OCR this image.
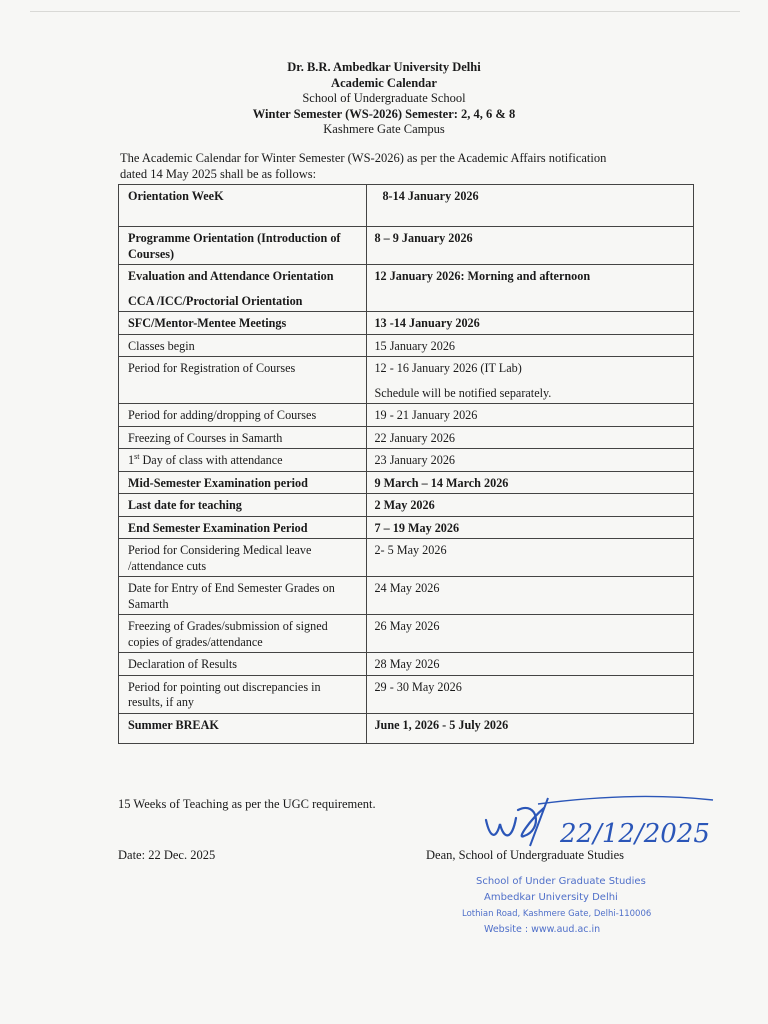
Dr. B.R. Ambedkar University Delhi
Academic Calendar
School of Undergraduate School
Winter Semester (WS-2026) Semester: 2, 4, 6 & 8
Kashmere Gate Campus
The Academic Calendar for Winter Semester (WS-2026) as per the Academic Affairs notification
dated 14 May 2025 shall be as follows:
Orientation WeeK	8-14 January 2026
Programme Orientation (Introduction of Courses)	8 – 9 January 2026
Evaluation and Attendance Orientation
CCA /ICC/Proctorial Orientation	12 January 2026: Morning and afternoon
SFC/Mentor-Mentee Meetings	13 -14 January 2026
Classes begin	15 January 2026
Period for Registration of Courses	12 - 16 January 2026 (IT Lab)
Schedule will be notified separately.

Period for adding/dropping of Courses	19 - 21 January 2026
Freezing of Courses in Samarth	22 January 2026
1st Day of class with attendance	23 January 2026
Mid-Semester Examination period	9 March – 14 March 2026
Last date for teaching	2 May 2026
End Semester Examination Period	7 – 19 May 2026
Period for Considering Medical leave /attendance cuts	2- 5 May 2026
Date for Entry of End Semester Grades on Samarth	24 May 2026
Freezing of Grades/submission of signed copies of grades/attendance	26 May 2026
Declaration of Results	28 May 2026
Period for pointing out discrepancies in results, if any	29 - 30 May 2026
Summer BREAK	June 1, 2026 - 5 July 2026
15 Weeks of Teaching as per the UGC requirement.
Date: 22 Dec. 2025	Dean, School of Undergraduate Studies
22/12/2025
School of Under Graduate Studies
Ambedkar University Delhi
Lothian Road, Kashmere Gate, Delhi-110006
Website : www.aud.ac.in
